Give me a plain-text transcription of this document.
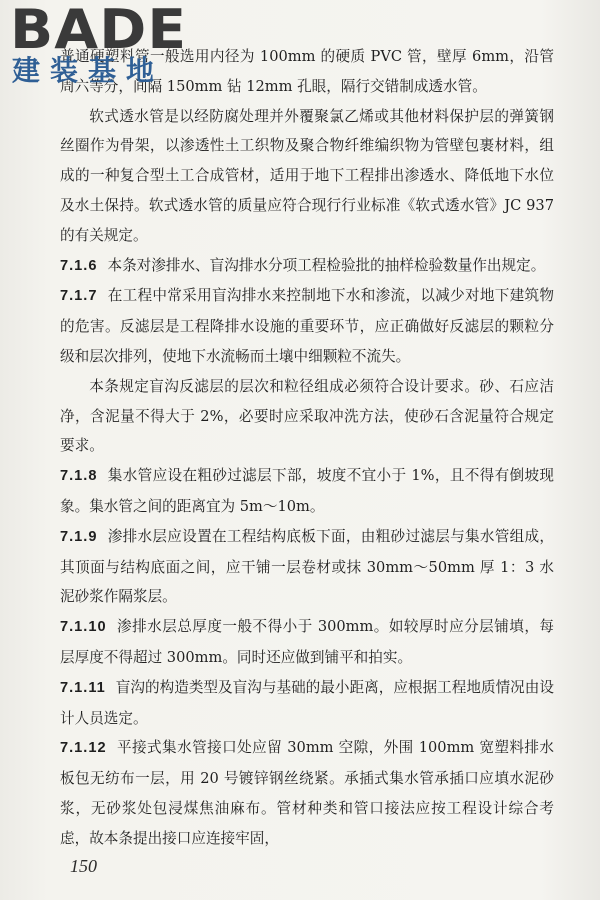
BADE
建装基地

普通硬塑料管一般选用内径为 100mm 的硬质 PVC 管，壁厚 6mm，沿管周六等分，间隔 150mm 钻 12mm 孔眼，隔行交错制成透水管。

软式透水管是以经防腐处理并外覆聚氯乙烯或其他材料保护层的弹簧钢丝圈作为骨架，以渗透性土工织物及聚合物纤维编织物为管壁包裹材料，组成的一种复合型土工合成管材，适用于地下工程排出渗透水、降低地下水位及水土保持。软式透水管的质量应符合现行行业标准《软式透水管》JC 937 的有关规定。

7.1.6 本条对渗排水、盲沟排水分项工程检验批的抽样检验数量作出规定。

7.1.7 在工程中常采用盲沟排水来控制地下水和渗流，以减少对地下建筑物的危害。反滤层是工程降排水设施的重要环节，应正确做好反滤层的颗粒分级和层次排列，使地下水流畅而土壤中细颗粒不流失。

本条规定盲沟反滤层的层次和粒径组成必须符合设计要求。砂、石应洁净，含泥量不得大于 2%，必要时应采取冲洗方法，使砂石含泥量符合规定要求。

7.1.8 集水管应设在粗砂过滤层下部，坡度不宜小于 1%，且不得有倒坡现象。集水管之间的距离宜为 5m～10m。

7.1.9 渗排水层应设置在工程结构底板下面，由粗砂过滤层与集水管组成，其顶面与结构底面之间，应干铺一层卷材或抹 30mm～50mm 厚 1：3 水泥砂浆作隔浆层。

7.1.10 渗排水层总厚度一般不得小于 300mm。如较厚时应分层铺填，每层厚度不得超过 300mm。同时还应做到铺平和拍实。

7.1.11 盲沟的构造类型及盲沟与基础的最小距离，应根据工程地质情况由设计人员选定。

7.1.12 平接式集水管接口处应留 30mm 空隙，外围 100mm 宽塑料排水板包无纺布一层，用 20 号镀锌钢丝绕紧。承插式集水管承插口应填水泥砂浆，无砂浆处包浸煤焦油麻布。管材种类和管口接法应按工程设计综合考虑，故本条提出接口应连接牢固，

150
